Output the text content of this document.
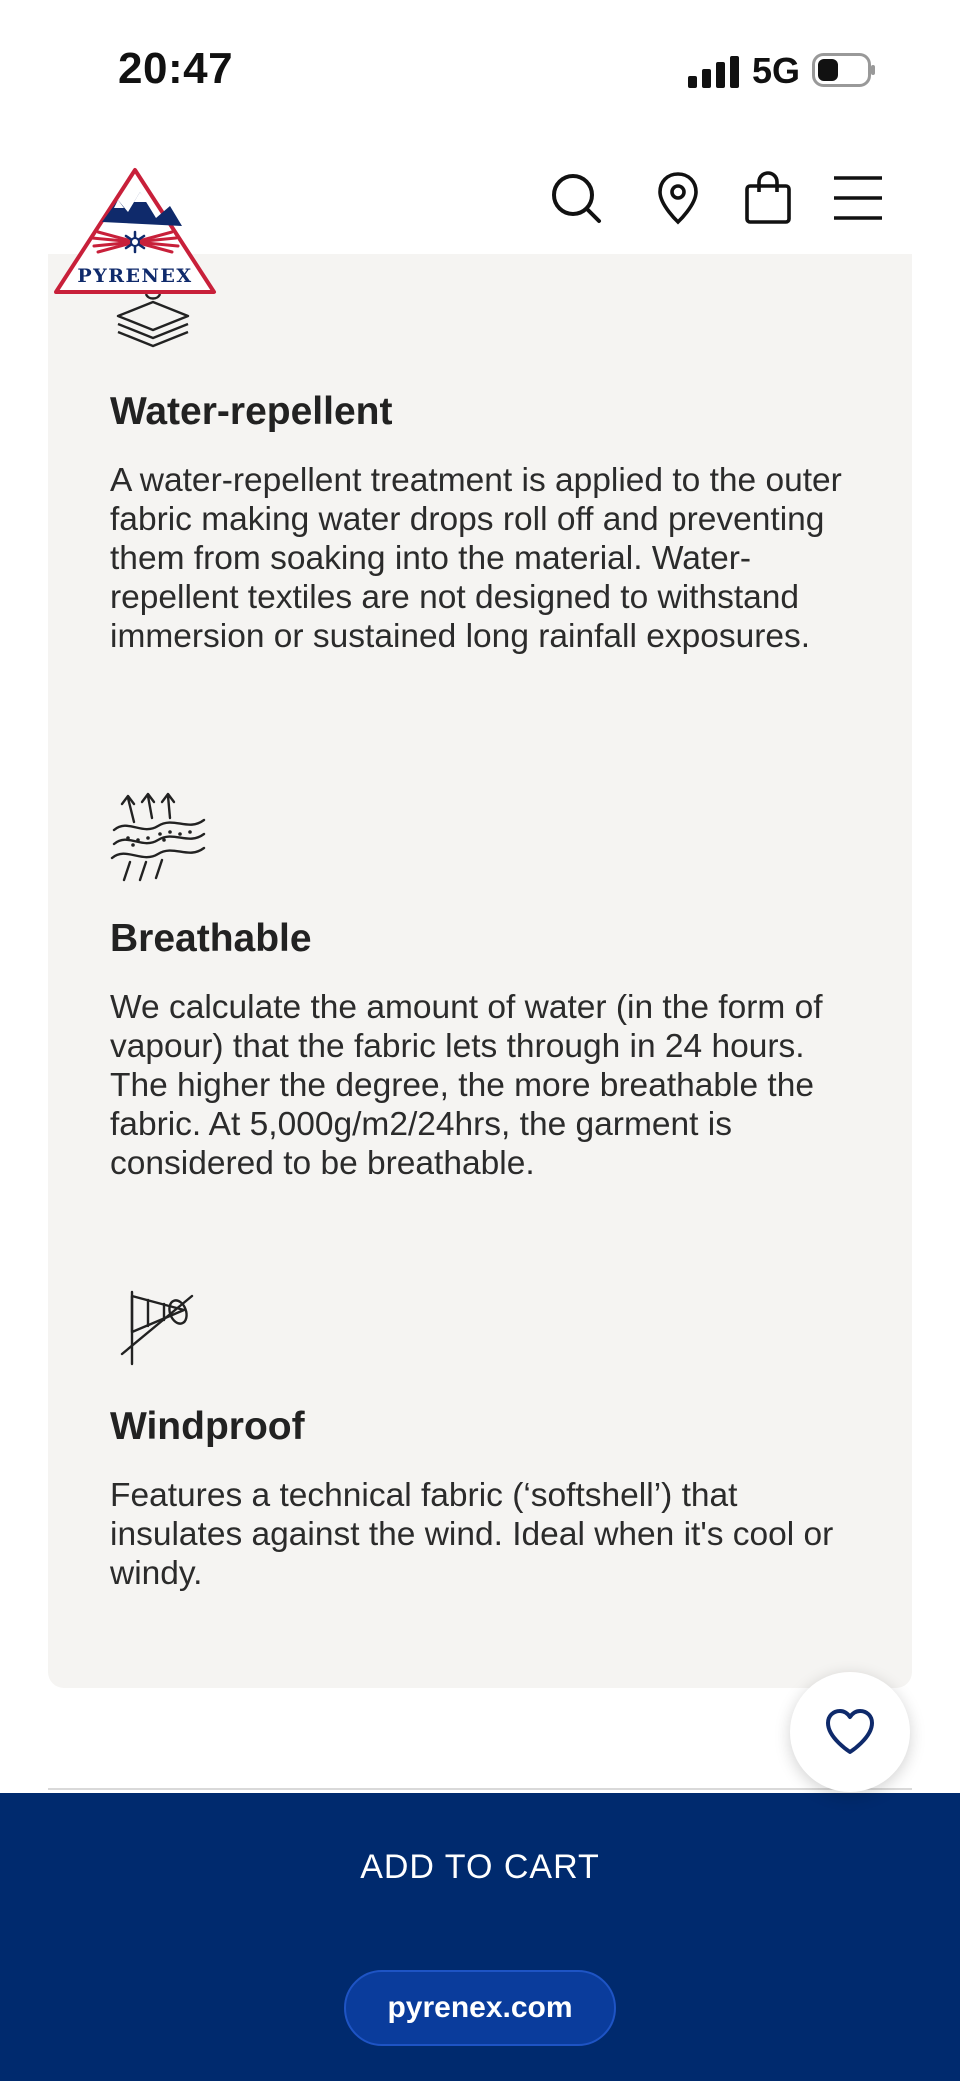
20:47	5G
PYRENEX
Water-repellent

A water-repellent treatment is applied to the outer fabric making water drops roll off and preventing them from soaking into the material. Water-repellent textiles are not designed to withstand immersion or sustained long rainfall exposures.

Breathable

We calculate the amount of water (in the form of vapour) that the fabric lets through in 24 hours. The higher the degree, the more breathable the fabric. At 5,000g/m2/24hrs, the garment is considered to be breathable.

Windproof

Features a technical fabric (‘softshell’) that insulates against the wind. Ideal when it's cool or windy.

ADD TO CART
pyrenex.com
